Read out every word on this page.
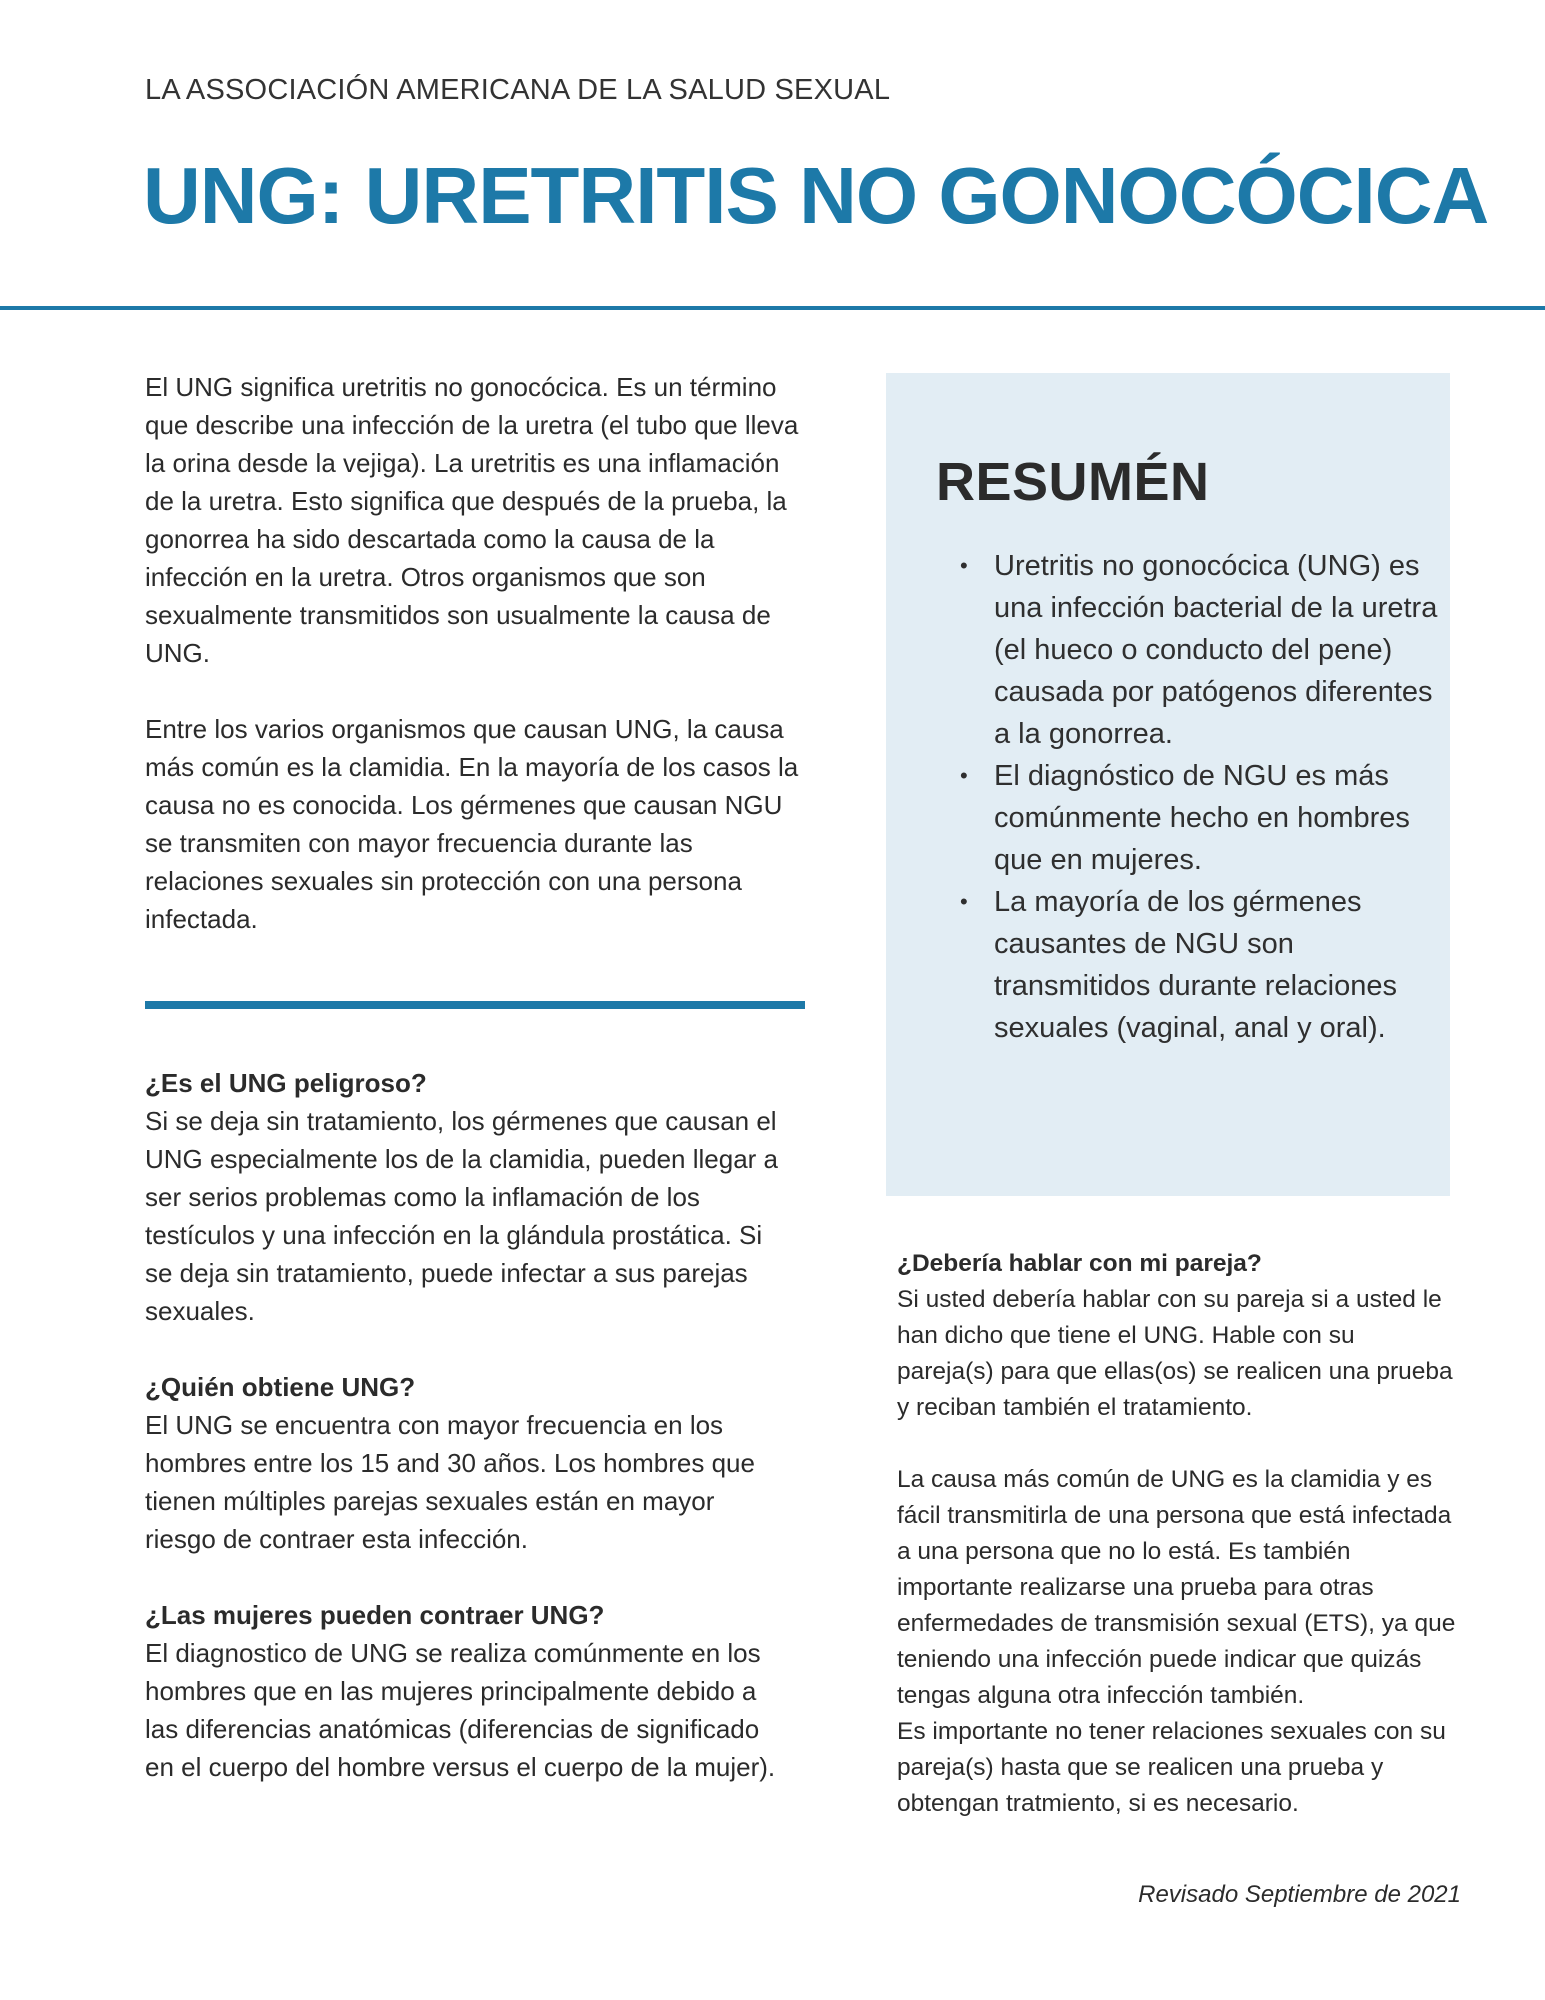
LA ASSOCIACIÓN AMERICANA DE LA SALUD SEXUAL
UNG: URETRITIS NO GONOCÓCICA

El UNG significa uretritis no gonocócica. Es un término que describe una infección de la uretra (el tubo que lleva la orina desde la vejiga). La uretritis es una inflamación de la uretra. Esto significa que después de la prueba, la gonorrea ha sido descartada como la causa de la infección en la uretra. Otros organismos que son sexualmente transmitidos son usualmente la causa de UNG.

Entre los varios organismos que causan UNG, la causa más común es la clamidia. En la mayoría de los casos la causa no es conocida. Los gérmenes que causan NGU se transmiten con mayor frecuencia durante las relaciones sexuales sin protección con una persona infectada.

¿Es el UNG peligroso?

Si se deja sin tratamiento, los gérmenes que causan el UNG especialmente los de la clamidia, pueden llegar a ser serios problemas como la inflamación de los testículos y una infección en la glándula prostática. Si se deja sin tratamiento, puede infectar a sus parejas sexuales.

¿Quién obtiene UNG?

El UNG se encuentra con mayor frecuencia en los hombres entre los 15 and 30 años. Los hombres que tienen múltiples parejas sexuales están en mayor riesgo de contraer esta infección.

¿Las mujeres pueden contraer UNG?

El diagnostico de UNG se realiza comúnmente en los hombres que en las mujeres principalmente debido a las diferencias anatómicas (diferencias de significado en el cuerpo del hombre versus el cuerpo de la mujer).

RESUMÉN
• Uretritis no gonocócica (UNG) es una infección bacterial de la uretra (el hueco o conducto del pene) causada por patógenos diferentes a la gonorrea.
• El diagnóstico de NGU es más comúnmente hecho en hombres que en mujeres.
• La mayoría de los gérmenes causantes de NGU son transmitidos durante relaciones sexuales (vaginal, anal y oral).

¿Debería hablar con mi pareja?

Si usted debería hablar con su pareja si a usted le han dicho que tiene el UNG. Hable con su pareja(s) para que ellas(os) se realicen una prueba y reciban también el tratamiento.

La causa más común de UNG es la clamidia y es fácil transmitirla de una persona que está infectada a una persona que no lo está. Es también importante realizarse una prueba para otras enfermedades de transmisión sexual (ETS), ya que teniendo una infección puede indicar que quizás tengas alguna otra infección también.

Es importante no tener relaciones sexuales con su pareja(s) hasta que se realicen una prueba y obtengan tratmiento, si es necesario.

Revisado Septiembre de 2021
